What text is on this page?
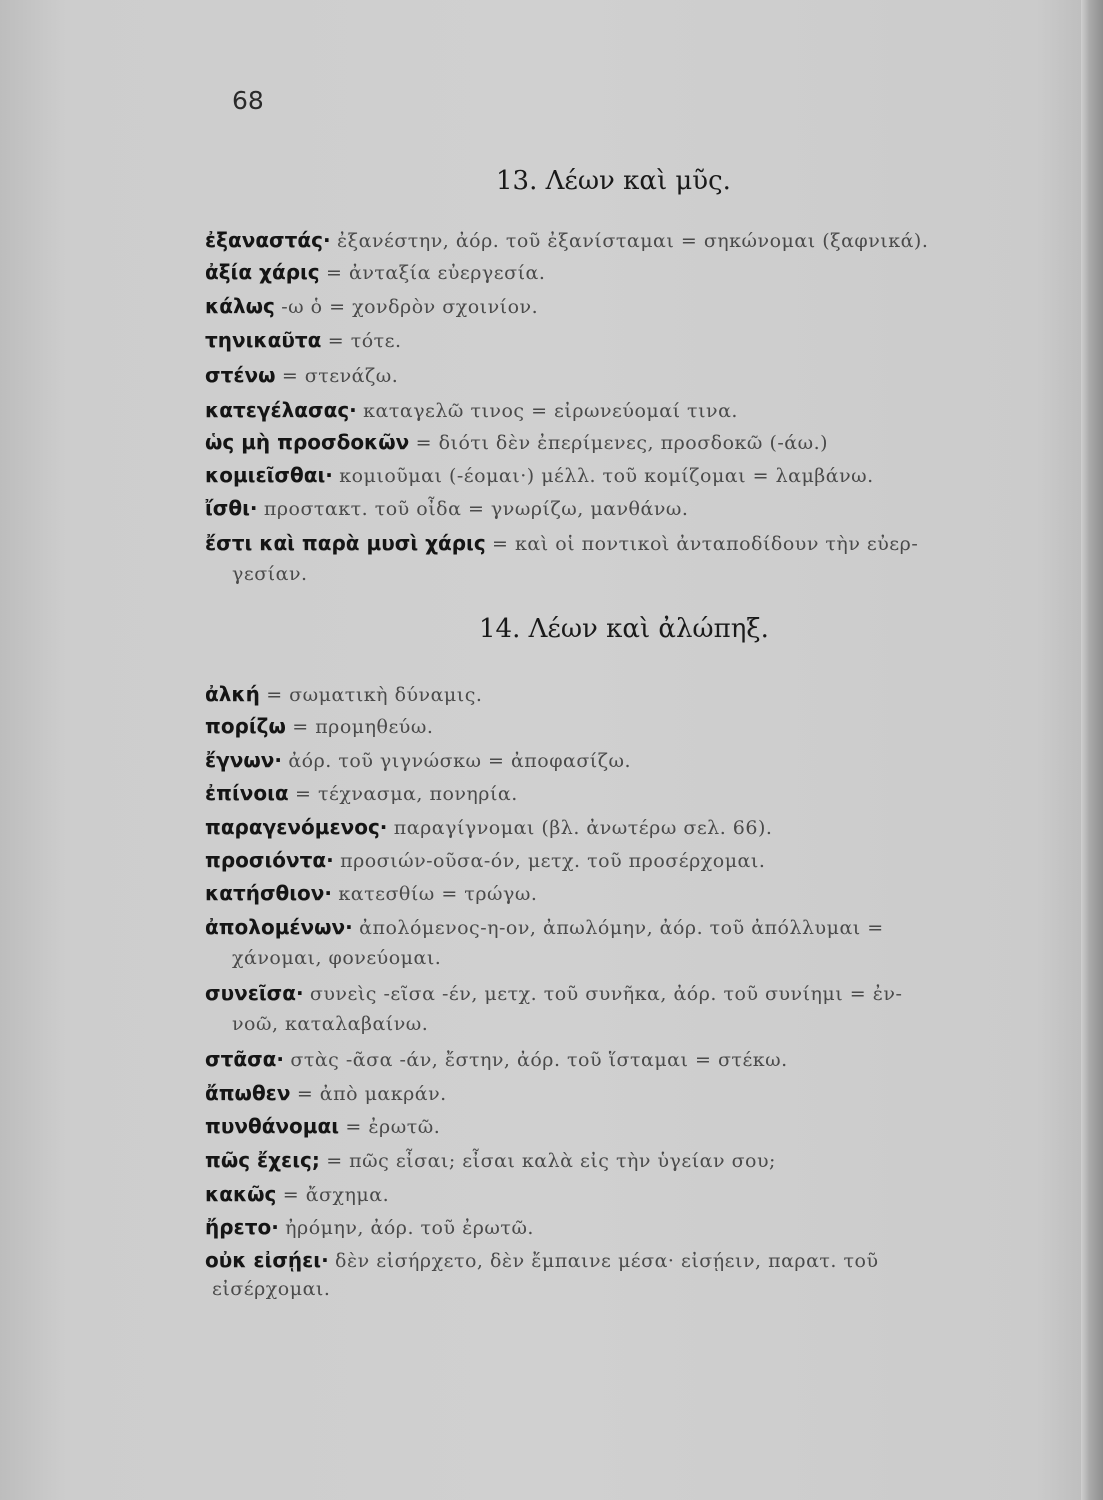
68
13. Λέων καὶ μῦς.
ἐξαναστάς· ἐξανέστην, ἀόρ. τοῦ ἐξανίσταμαι = σηκώνομαι (ξαφνικά).
ἀξία χάρις = ἀνταξία εὐεργεσία.
κάλως -ω ὁ = χονδρὸν σχοινίον.
τηνικαῦτα = τότε.
στένω = στενάζω.
κατεγέλασας· καταγελῶ τινος = εἰρωνεύομαί τινα.
ὡς μὴ προσδοκῶν = διότι δὲν ἐπερίμενες, προσδοκῶ (-άω.)
κομιεῖσθαι· κομιοῦμαι (-έομαι·) μέλλ. τοῦ κομίζομαι = λαμβάνω.
ἴσθι· προστακτ. τοῦ οἶδα = γνωρίζω, μανθάνω.
ἔστι καὶ παρὰ μυσὶ χάρις = καὶ οἱ ποντικοὶ ἀνταποδίδουν τὴν εὐερ-
γεσίαν.
14. Λέων καὶ ἀλώπηξ.
ἀλκή = σωματικὴ δύναμις.
πορίζω = προμηθεύω.
ἔγνων· ἀόρ. τοῦ γιγνώσκω = ἀποφασίζω.
ἐπίνοια = τέχνασμα, πονηρία.
παραγενόμενος· παραγίγνομαι (βλ. ἀνωτέρω σελ. 66).
προσιόντα· προσιών-οῦσα-όν, μετχ. τοῦ προσέρχομαι.
κατήσθιον· κατεσθίω = τρώγω.
ἀπολομένων· ἀπολόμενος-η-ον, ἀπωλόμην, ἀόρ. τοῦ ἀπόλλυμαι =
χάνομαι, φονεύομαι.
συνεῖσα· συνεὶς -εῖσα -έν, μετχ. τοῦ συνῆκα, ἀόρ. τοῦ συνίημι = ἐν-
νοῶ, καταλαβαίνω.
στᾶσα· στὰς -ᾶσα -άν, ἔστην, ἀόρ. τοῦ ἵσταμαι = στέκω.
ἄπωθεν = ἀπὸ μακράν.
πυνθάνομαι = ἐρωτῶ.
πῶς ἔχεις; = πῶς εἶσαι; εἶσαι καλὰ εἰς τὴν ὑγείαν σου;
κακῶς = ἄσχημα.
ἤρετο· ἠρόμην, ἀόρ. τοῦ ἐρωτῶ.
οὐκ εἰσῄει· δὲν εἰσήρχετο, δὲν ἔμπαινε μέσα· εἰσῄειν, παρατ. τοῦ
εἰσέρχομαι.
